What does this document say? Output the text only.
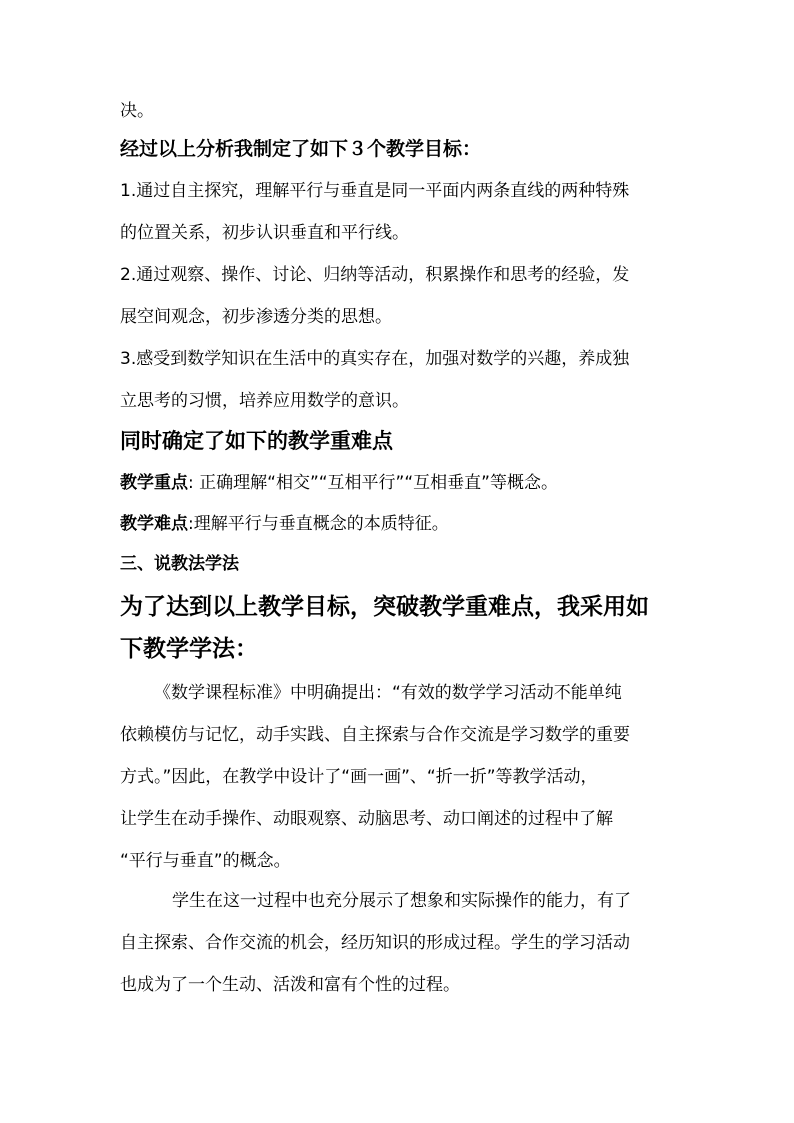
决。
经过以上分析我制定了如下３个教学目标：
1.通过自主探究，理解平行与垂直是同一平面内两条直线的两种特殊
的位置关系，初步认识垂直和平行线。
2.通过观察、操作、讨论、归纳等活动，积累操作和思考的经验，发
展空间观念，初步渗透分类的思想。
3.感受到数学知识在生活中的真实存在，加强对数学的兴趣，养成独
立思考的习惯，培养应用数学的意识。
同时确定了如下的教学重难点
教学重点: 正确理解“相交”“互相平行”“互相垂直”等概念。
教学难点:理解平行与垂直概念的本质特征。
三、说教法学法
为了达到以上教学目标，突破教学重难点，我采用如
下教学学法：
《数学课程标准》中明确提出：“有效的数学学习活动不能单纯
依赖模仿与记忆，动手实践、自主探索与合作交流是学习数学的重要
方式。”因此，在教学中设计了“画一画”、“折一折”等教学活动，
让学生在动手操作、动眼观察、动脑思考、动口阐述的过程中了解
“平行与垂直”的概念。
学生在这一过程中也充分展示了想象和实际操作的能力，有了
自主探索、合作交流的机会，经历知识的形成过程。学生的学习活动
也成为了一个生动、活泼和富有个性的过程。
